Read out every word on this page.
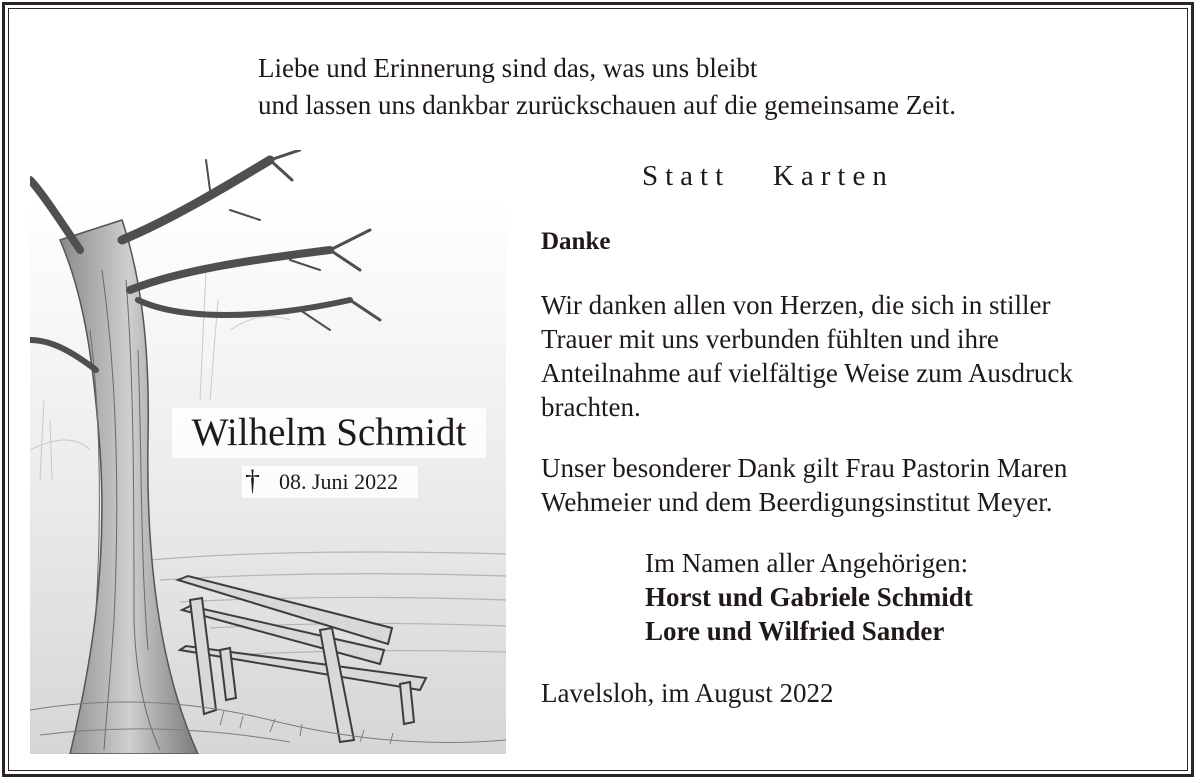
Liebe und Erinnerung sind das, was uns bleibt
und lassen uns dankbar zurückschauen auf die gemeinsame Zeit.
Wilhelm Schmidt
† 08. Juni 2022
Statt   Karten
Danke
Wir danken allen von Herzen, die sich in stiller
Trauer mit uns verbunden fühlten und ihre
Anteilnahme auf vielfältige Weise zum Ausdruck
brachten.
Unser besonderer Dank gilt Frau Pastorin Maren
Wehmeier und dem Beerdigungsinstitut Meyer.
Im Namen aller Angehörigen:
Horst und Gabriele Schmidt
Lore und Wilfried Sander
Lavelsloh, im August 2022
